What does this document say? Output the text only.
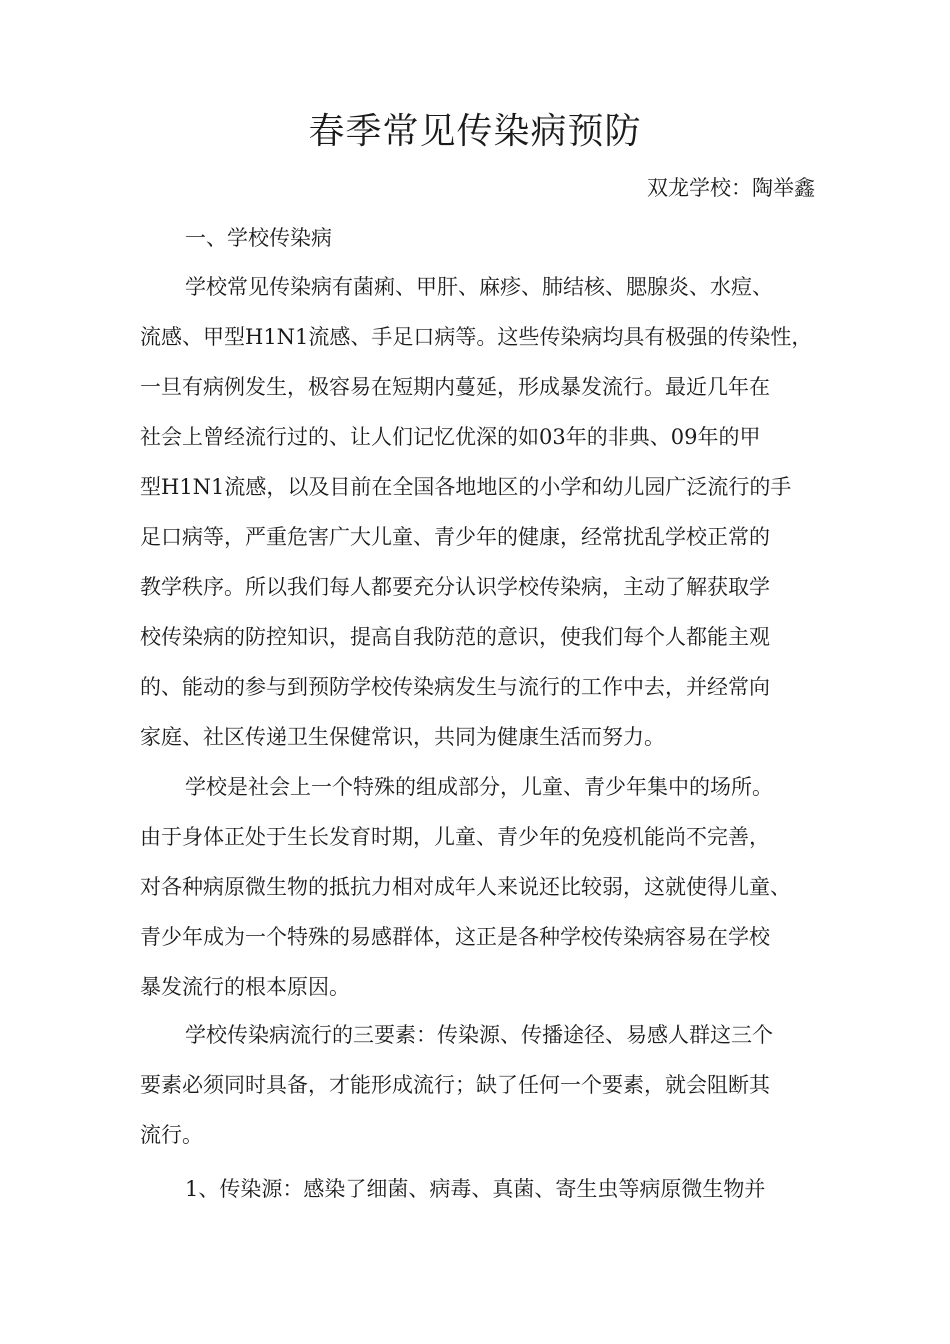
春季常见传染病预防
双龙学校：陶举鑫
一、学校传染病
学校常见传染病有菌痢、甲肝、麻疹、肺结核、腮腺炎、水痘、
流感、甲型H1N1流感、手足口病等。这些传染病均具有极强的传染性，
一旦有病例发生，极容易在短期内蔓延，形成暴发流行。最近几年在
社会上曾经流行过的、让人们记忆优深的如03年的非典、09年的甲
型H1N1流感，以及目前在全国各地地区的小学和幼儿园广泛流行的手
足口病等，严重危害广大儿童、青少年的健康，经常扰乱学校正常的
教学秩序。所以我们每人都要充分认识学校传染病，主动了解获取学
校传染病的防控知识，提高自我防范的意识，使我们每个人都能主观
的、能动的参与到预防学校传染病发生与流行的工作中去，并经常向
家庭、社区传递卫生保健常识，共同为健康生活而努力。
学校是社会上一个特殊的组成部分，儿童、青少年集中的场所。
由于身体正处于生长发育时期，儿童、青少年的免疫机能尚不完善，
对各种病原微生物的抵抗力相对成年人来说还比较弱，这就使得儿童、
青少年成为一个特殊的易感群体，这正是各种学校传染病容易在学校
暴发流行的根本原因。
学校传染病流行的三要素：传染源、传播途径、易感人群这三个
要素必须同时具备，才能形成流行；缺了任何一个要素，就会阻断其
流行。
1、传染源：感染了细菌、病毒、真菌、寄生虫等病原微生物并
